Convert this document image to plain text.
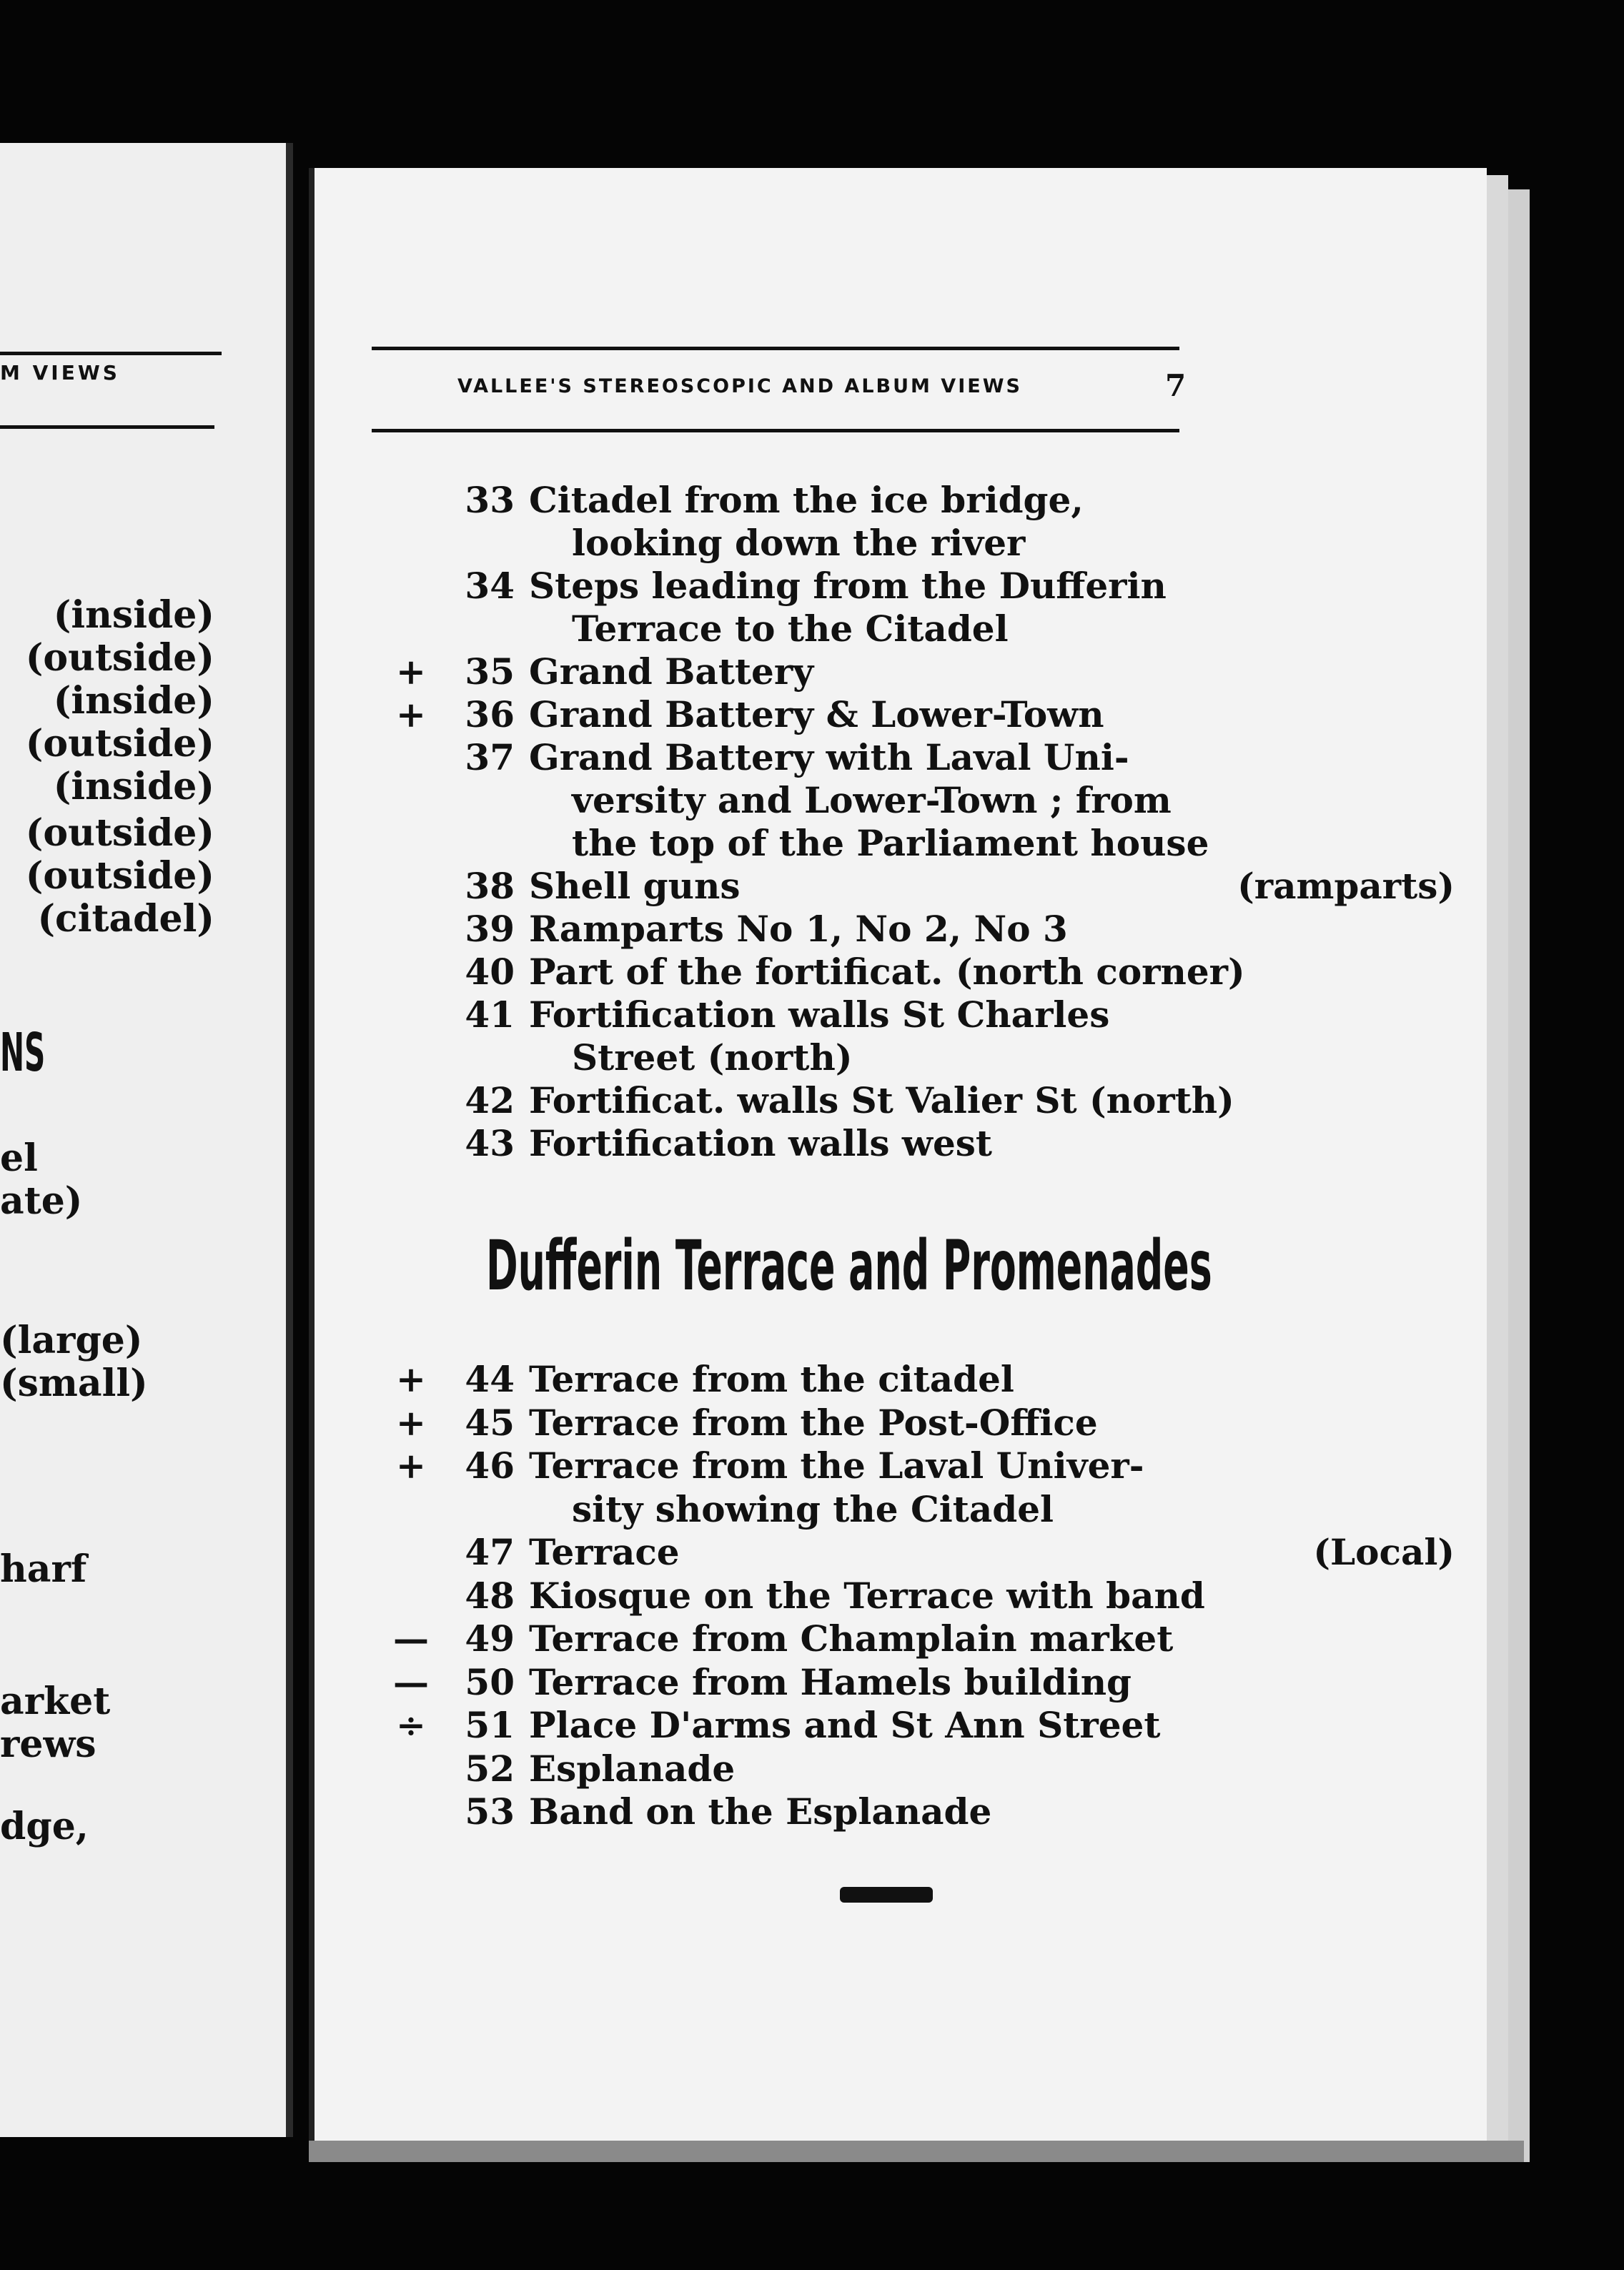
M VIEWS
(inside)
(outside)
(inside)
(outside)
(inside)
(outside)
(outside)
(citadel)
NS
el
ate)
(large)
(small)
harf
arket
rews
dge,
VALLEE'S STEREOSCOPIC AND ALBUM VIEWS	7
33 Citadel from the ice bridge,
looking down the river
34 Steps leading from the Dufferin
Terrace to the Citadel
+	35 Grand Battery
+	36 Grand Battery & Lower-Town
37 Grand Battery with Laval Uni-
versity and Lower-Town ; from
the top of the Parliament house
38 Shell guns	(ramparts)
39 Ramparts No 1, No 2, No 3
40 Part of the fortificat. (north corner)
41 Fortification walls St Charles
Street (north)
42 Fortificat. walls St Valier St (north)
43 Fortification walls west
Dufferin Terrace and Promenades
+	44 Terrace from the citadel
+	45 Terrace from the Post-Office
+	46 Terrace from the Laval Univer-
sity showing the Citadel
47 Terrace	(Local)
48 Kiosque on the Terrace with band
—	49 Terrace from Champlain market
—	50 Terrace from Hamels building
÷	51 Place D'arms and St Ann Street
52 Esplanade
53 Band on the Esplanade
